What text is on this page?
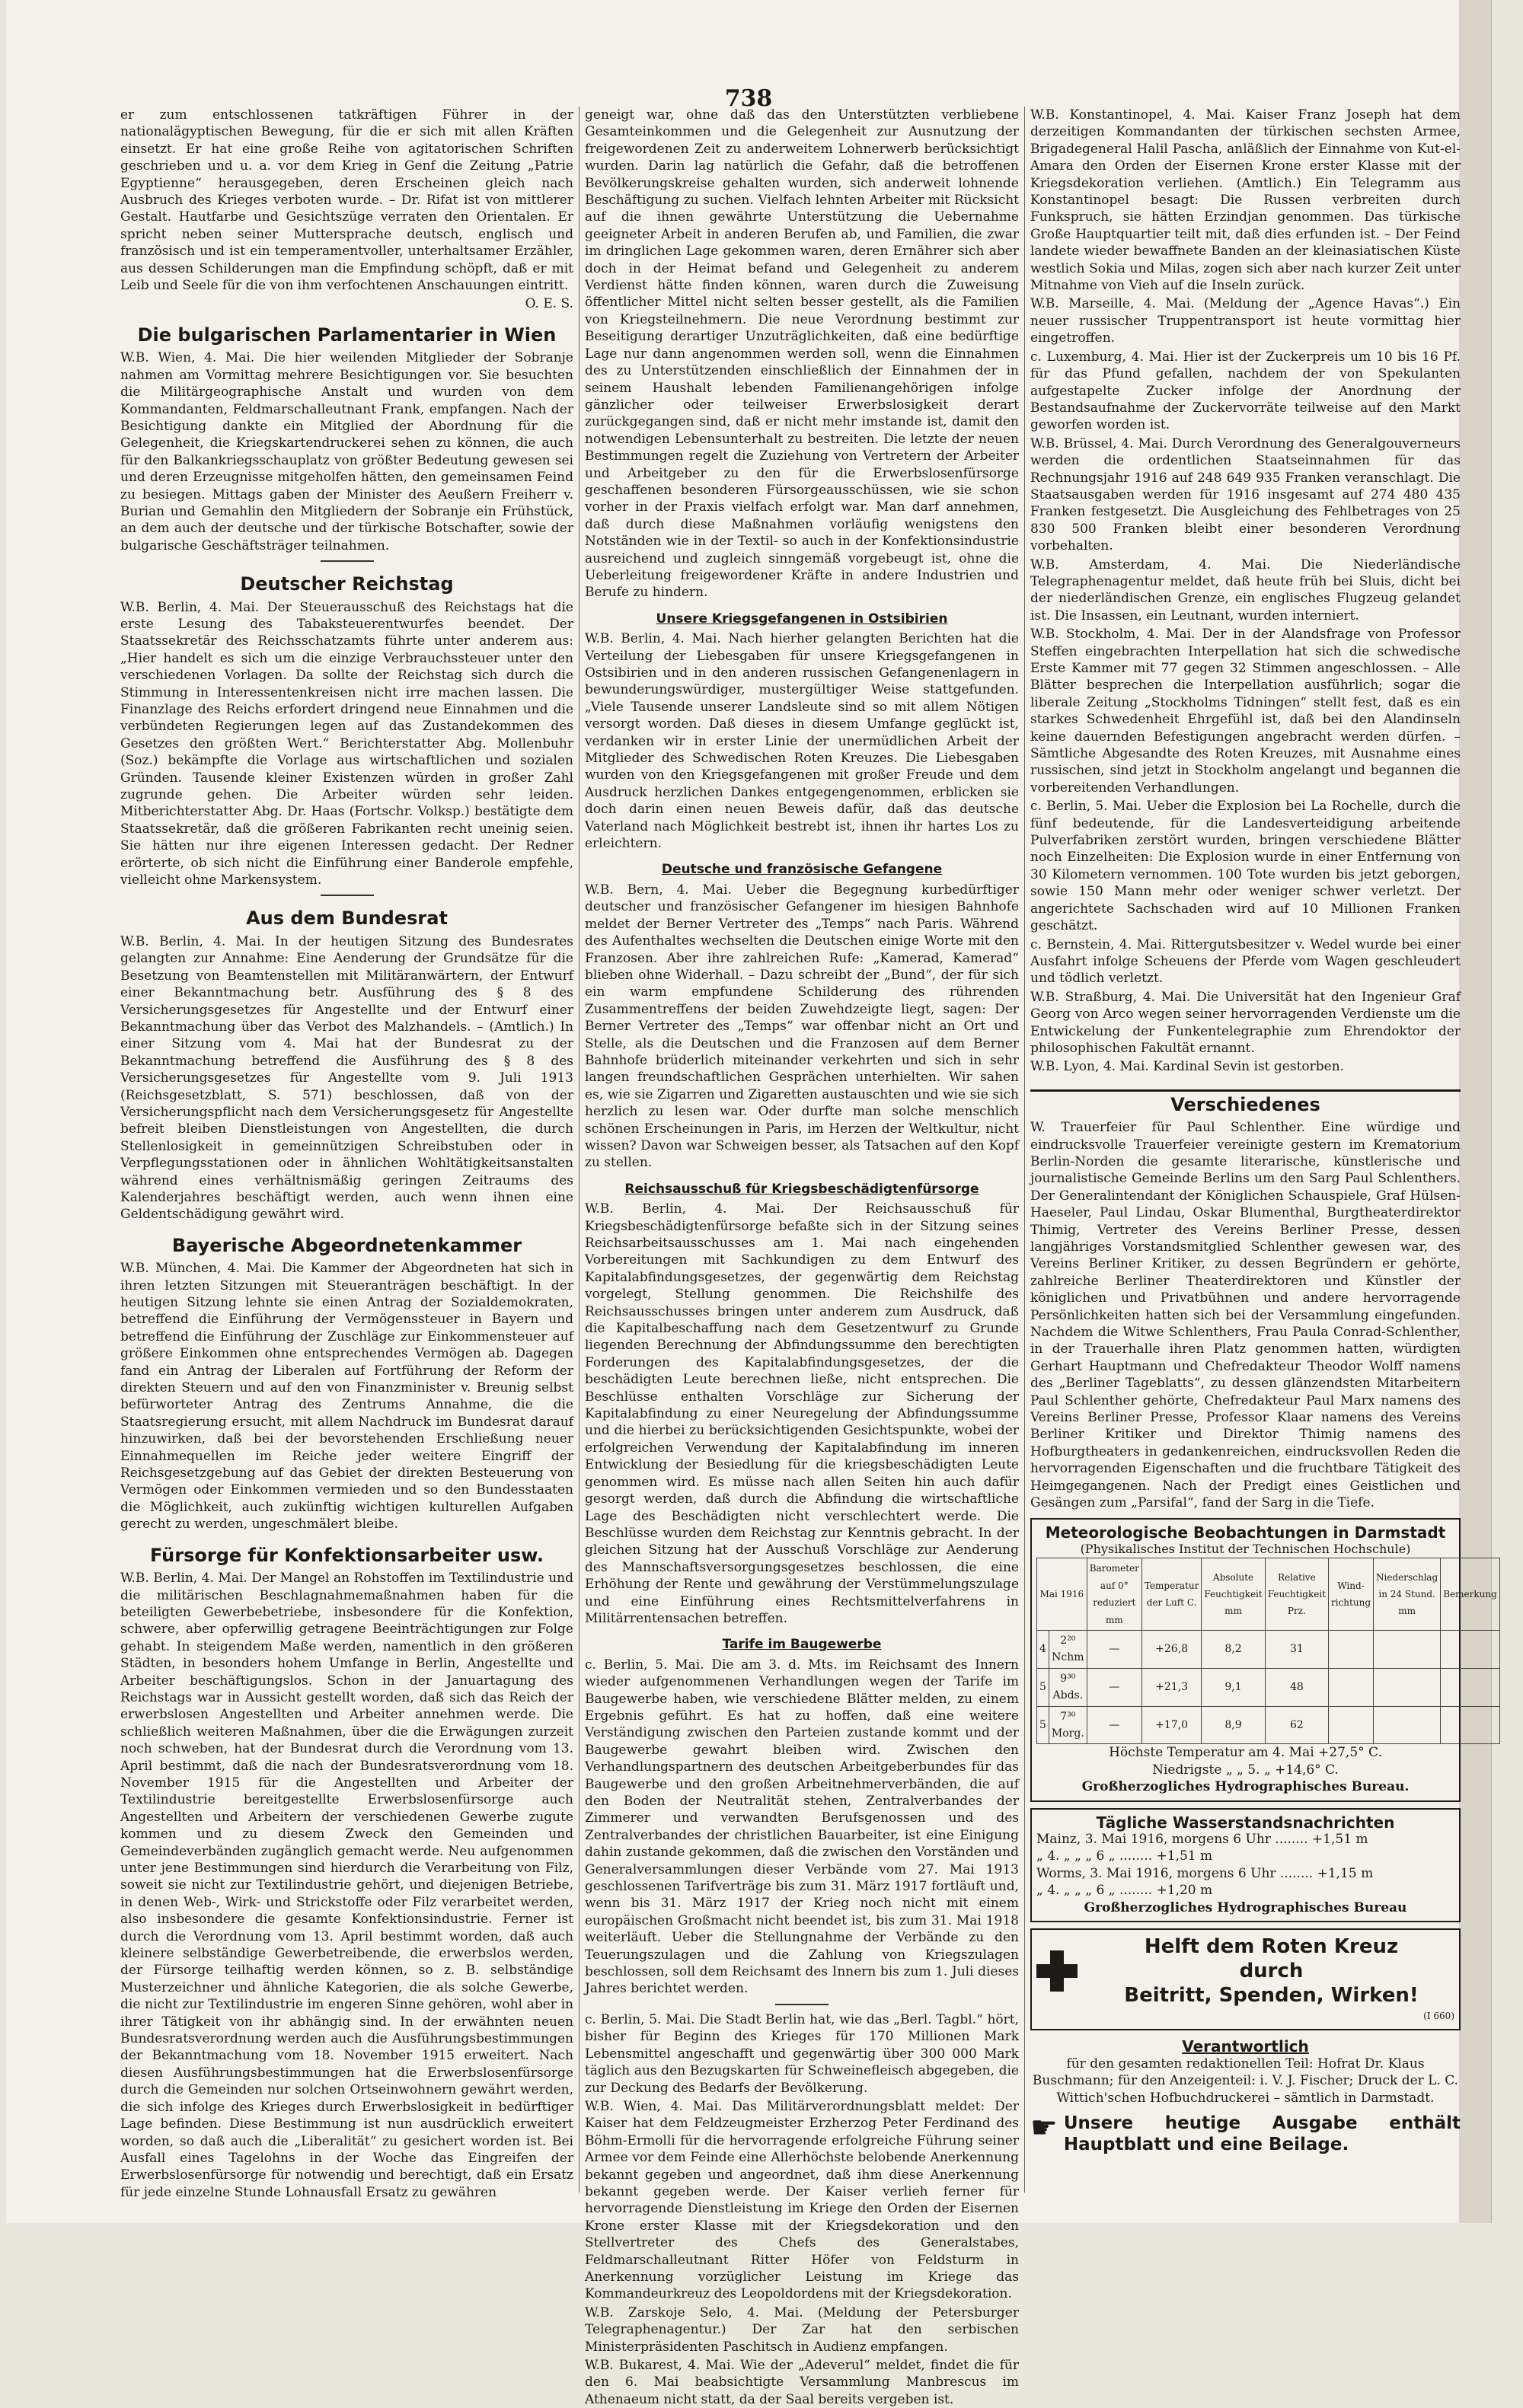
738

er zum entschlossenen tatkräftigen Führer in der nationalägyptischen Bewegung, für die er sich mit allen Kräften einsetzt. Er hat eine große Reihe von agitatorischen Schriften geschrieben und u. a. vor dem Krieg in Genf die Zeitung „Patrie Egyptienne“ herausgegeben, deren Erscheinen gleich nach Ausbruch des Krieges verboten wurde. – Dr. Rifat ist von mittlerer Gestalt. Hautfarbe und Gesichtszüge verraten den Orientalen. Er spricht neben seiner Muttersprache deutsch, englisch und französisch und ist ein temperamentvoller, unterhaltsamer Erzähler, aus dessen Schilderungen man die Empfindung schöpft, daß er mit Leib und Seele für die von ihm verfochtenen Anschauungen eintritt.

O. E. S.

Die bulgarischen Parlamentarier in Wien

W.B. Wien, 4. Mai. Die hier weilenden Mitglieder der Sobranje nahmen am Vormittag mehrere Besichtigungen vor. Sie besuchten die Militärgeographische Anstalt und wurden von dem Kommandanten, Feldmarschalleutnant Frank, empfangen. Nach der Besichtigung dankte ein Mitglied der Abordnung für die Gelegenheit, die Kriegskartendruckerei sehen zu können, die auch für den Balkankriegsschauplatz von größter Bedeutung gewesen sei und deren Erzeugnisse mitgeholfen hätten, den gemeinsamen Feind zu besiegen. Mittags gaben der Minister des Aeußern Freiherr v. Burian und Gemahlin den Mitgliedern der Sobranje ein Frühstück, an dem auch der deutsche und der türkische Botschafter, sowie der bulgarische Geschäftsträger teilnahmen.

Deutscher Reichstag

W.B. Berlin, 4. Mai. Der Steuerausschuß des Reichstags hat die erste Lesung des Tabaksteuerentwurfes beendet. Der Staatssekretär des Reichsschatzamts führte unter anderem aus: „Hier handelt es sich um die einzige Verbrauchssteuer unter den verschiedenen Vorlagen. Da sollte der Reichstag sich durch die Stimmung in Interessentenkreisen nicht irre machen lassen. Die Finanzlage des Reichs erfordert dringend neue Einnahmen und die verbündeten Regierungen legen auf das Zustandekommen des Gesetzes den größten Wert.“ Berichterstatter Abg. Mollenbuhr (Soz.) bekämpfte die Vorlage aus wirtschaftlichen und sozialen Gründen. Tausende kleiner Existenzen würden in großer Zahl zugrunde gehen. Die Arbeiter würden sehr leiden. Mitberichterstatter Abg. Dr. Haas (Fortschr. Volksp.) bestätigte dem Staatssekretär, daß die größeren Fabrikanten recht uneinig seien. Sie hätten nur ihre eigenen Interessen gedacht. Der Redner erörterte, ob sich nicht die Einführung einer Banderole empfehle, vielleicht ohne Markensystem.

Aus dem Bundesrat

W.B. Berlin, 4. Mai. In der heutigen Sitzung des Bundesrates gelangten zur Annahme: Eine Aenderung der Grundsätze für die Besetzung von Beamtenstellen mit Militäranwärtern, der Entwurf einer Bekanntmachung betr. Ausführung des § 8 des Versicherungsgesetzes für Angestellte und der Entwurf einer Bekanntmachung über das Verbot des Malzhandels. – (Amtlich.) In einer Sitzung vom 4. Mai hat der Bundesrat zu der Bekanntmachung betreffend die Ausführung des § 8 des Versicherungsgesetzes für Angestellte vom 9. Juli 1913 (Reichsgesetzblatt, S. 571) beschlossen, daß von der Versicherungspflicht nach dem Versicherungsgesetz für Angestellte befreit bleiben Dienstleistungen von Angestellten, die durch Stellenlosigkeit in gemeinnützigen Schreibstuben oder in Verpflegungsstationen oder in ähnlichen Wohltätigkeitsanstalten während eines verhältnismäßig geringen Zeitraums des Kalenderjahres beschäftigt werden, auch wenn ihnen eine Geldentschädigung gewährt wird.

Bayerische Abgeordnetenkammer

W.B. München, 4. Mai. Die Kammer der Abgeordneten hat sich in ihren letzten Sitzungen mit Steueranträgen beschäftigt. In der heutigen Sitzung lehnte sie einen Antrag der Sozialdemokraten, betreffend die Einführung der Vermögenssteuer in Bayern und betreffend die Einführung der Zuschläge zur Einkommensteuer auf größere Einkommen ohne entsprechendes Vermögen ab. Dagegen fand ein Antrag der Liberalen auf Fortführung der Reform der direkten Steuern und auf den von Finanzminister v. Breunig selbst befürworteter Antrag des Zentrums Annahme, die die Staatsregierung ersucht, mit allem Nachdruck im Bundesrat darauf hinzuwirken, daß bei der bevorstehenden Erschließung neuer Einnahmequellen im Reiche jeder weitere Eingriff der Reichsgesetzgebung auf das Gebiet der direkten Besteuerung von Vermögen oder Einkommen vermieden und so den Bundesstaaten die Möglichkeit, auch zukünftig wichtigen kulturellen Aufgaben gerecht zu werden, ungeschmälert bleibe.

Fürsorge für Konfektionsarbeiter usw.

W.B. Berlin, 4. Mai. Der Mangel an Rohstoffen im Textilindustrie und die militärischen Beschlagnahmemaßnahmen haben für die beteiligten Gewerbebetriebe, insbesondere für die Konfektion, schwere, aber opferwillig getragene Beeinträchtigungen zur Folge gehabt. In steigendem Maße werden, namentlich in den größeren Städten, in besonders hohem Umfange in Berlin, Angestellte und Arbeiter beschäftigungslos. Schon in der Januartagung des Reichstags war in Aussicht gestellt worden, daß sich das Reich der erwerbslosen Angestellten und Arbeiter annehmen werde. Die schließlich weiteren Maßnahmen, über die die Erwägungen zurzeit noch schweben, hat der Bundesrat durch die Verordnung vom 13. April bestimmt, daß die nach der Bundesratsverordnung vom 18. November 1915 für die Angestellten und Arbeiter der Textilindustrie bereitgestellte Erwerbslosenfürsorge auch Angestellten und Arbeitern der verschiedenen Gewerbe zugute kommen und zu diesem Zweck den Gemeinden und Gemeindeverbänden zugänglich gemacht werde. Neu aufgenommen unter jene Bestimmungen sind hierdurch die Verarbeitung von Filz, soweit sie nicht zur Textilindustrie gehört, und diejenigen Betriebe, in denen Web-, Wirk- und Strickstoffe oder Filz verarbeitet werden, also insbesondere die gesamte Konfektionsindustrie. Ferner ist durch die Verordnung vom 13. April bestimmt worden, daß auch kleinere selbständige Gewerbetreibende, die erwerbslos werden, der Fürsorge teilhaftig werden können, so z. B. selbständige Musterzeichner und ähnliche Kategorien, die als solche Gewerbe, die nicht zur Textilindustrie im engeren Sinne gehören, wohl aber in ihrer Tätigkeit von ihr abhängig sind. In der erwähnten neuen Bundesratsverordnung werden auch die Ausführungsbestimmungen der Bekanntmachung vom 18. November 1915 erweitert. Nach diesen Ausführungsbestimmungen hat die Erwerbslosenfürsorge durch die Gemeinden nur solchen Ortseinwohnern gewährt werden, die sich infolge des Krieges durch Erwerbslosigkeit in bedürftiger Lage befinden. Diese Bestimmung ist nun ausdrücklich erweitert worden, so daß auch die „Liberalität“ zu gesichert worden ist. Bei Ausfall eines Tagelohns in der Woche das Eingreifen der Erwerbslosenfürsorge für notwendig und berechtigt, daß ein Ersatz für jede einzelne Stunde Lohnausfall Ersatz zu gewähren

geneigt war, ohne daß das den Unterstützten verbliebene Gesamteinkommen und die Gelegenheit zur Ausnutzung der freigewordenen Zeit zu anderweitem Lohnerwerb berücksichtigt wurden. Darin lag natürlich die Gefahr, daß die betroffenen Bevölkerungskreise gehalten wurden, sich anderweit lohnende Beschäftigung zu suchen. Vielfach lehnten Arbeiter mit Rücksicht auf die ihnen gewährte Unterstützung die Uebernahme geeigneter Arbeit in anderen Berufen ab, und Familien, die zwar im dringlichen Lage gekommen waren, deren Ernährer sich aber doch in der Heimat befand und Gelegenheit zu anderem Verdienst hätte finden können, waren durch die Zuweisung öffentlicher Mittel nicht selten besser gestellt, als die Familien von Kriegsteilnehmern. Die neue Verordnung bestimmt zur Beseitigung derartiger Unzuträglichkeiten, daß eine bedürftige Lage nur dann angenommen werden soll, wenn die Einnahmen des zu Unterstützenden einschließlich der Einnahmen der in seinem Haushalt lebenden Familienangehörigen infolge gänzlicher oder teilweiser Erwerbslosigkeit derart zurückgegangen sind, daß er nicht mehr imstande ist, damit den notwendigen Lebensunterhalt zu bestreiten. Die letzte der neuen Bestimmungen regelt die Zuziehung von Vertretern der Arbeiter und Arbeitgeber zu den für die Erwerbslosenfürsorge geschaffenen besonderen Fürsorgeausschüssen, wie sie schon vorher in der Praxis vielfach erfolgt war. Man darf annehmen, daß durch diese Maßnahmen vorläufig wenigstens den Notständen wie in der Textil- so auch in der Konfektionsindustrie ausreichend und zugleich sinngemäß vorgebeugt ist, ohne die Ueberleitung freigewordener Kräfte in andere Industrien und Berufe zu hindern.

Unsere Kriegsgefangenen in Ostsibirien

W.B. Berlin, 4. Mai. Nach hierher gelangten Berichten hat die Verteilung der Liebesgaben für unsere Kriegsgefangenen in Ostsibirien und in den anderen russischen Gefangenenlagern in bewunderungswürdiger, mustergültiger Weise stattgefunden. „Viele Tausende unserer Landsleute sind so mit allem Nötigen versorgt worden. Daß dieses in diesem Umfange geglückt ist, verdanken wir in erster Linie der unermüdlichen Arbeit der Mitglieder des Schwedischen Roten Kreuzes. Die Liebesgaben wurden von den Kriegsgefangenen mit großer Freude und dem Ausdruck herzlichen Dankes entgegengenommen, erblicken sie doch darin einen neuen Beweis dafür, daß das deutsche Vaterland nach Möglichkeit bestrebt ist, ihnen ihr hartes Los zu erleichtern.

Deutsche und französische Gefangene

W.B. Bern, 4. Mai. Ueber die Begegnung kurbedürftiger deutscher und französischer Gefangener im hiesigen Bahnhofe meldet der Berner Vertreter des „Temps“ nach Paris. Während des Aufenthaltes wechselten die Deutschen einige Worte mit den Franzosen. Aber ihre zahlreichen Rufe: „Kamerad, Kamerad“ blieben ohne Widerhall. – Dazu schreibt der „Bund“, der für sich ein warm empfundene Schilderung des rührenden Zusammentreffens der beiden Zuwehdzeigte liegt, sagen: Der Berner Vertreter des „Temps“ war offenbar nicht an Ort und Stelle, als die Deutschen und die Franzosen auf dem Berner Bahnhofe brüderlich miteinander verkehrten und sich in sehr langen freundschaftlichen Gesprächen unterhielten. Wir sahen es, wie sie Zigarren und Zigaretten austauschten und wie sie sich herzlich zu lesen war. Oder durfte man solche menschlich schönen Erscheinungen in Paris, im Herzen der Weltkultur, nicht wissen? Davon war Schweigen besser, als Tatsachen auf den Kopf zu stellen.

Reichsausschuß für Kriegsbeschädigtenfürsorge

W.B. Berlin, 4. Mai. Der Reichsausschuß für Kriegsbeschädigtenfürsorge befaßte sich in der Sitzung seines Reichsarbeitsausschusses am 1. Mai nach eingehenden Vorbereitungen mit Sachkundigen zu dem Entwurf des Kapitalabfindungsgesetzes, der gegenwärtig dem Reichstag vorgelegt, Stellung genommen. Die Reichshilfe des Reichsausschusses bringen unter anderem zum Ausdruck, daß die Kapitalbeschaffung nach dem Gesetzentwurf zu Grunde liegenden Berechnung der Abfindungssumme den berechtigten Forderungen des Kapitalabfindungsgesetzes, der die beschädigten Leute berechnen ließe, nicht entsprechen. Die Beschlüsse enthalten Vorschläge zur Sicherung der Kapitalabfindung zu einer Neuregelung der Abfindungssumme und die hierbei zu berücksichtigenden Gesichtspunkte, wobei der erfolgreichen Verwendung der Kapitalabfindung im inneren Entwicklung der Besiedlung für die kriegsbeschädigten Leute genommen wird. Es müsse nach allen Seiten hin auch dafür gesorgt werden, daß durch die Abfindung die wirtschaftliche Lage des Beschädigten nicht verschlechtert werde. Die Beschlüsse wurden dem Reichstag zur Kenntnis gebracht. In der gleichen Sitzung hat der Ausschuß Vorschläge zur Aenderung des Mannschaftsversorgungsgesetzes beschlossen, die eine Erhöhung der Rente und gewährung der Verstümmelungszulage und eine Einführung eines Rechtsmittelverfahrens in Militärrentensachen betreffen.

Tarife im Baugewerbe

c. Berlin, 5. Mai. Die am 3. d. Mts. im Reichsamt des Innern wieder aufgenommenen Verhandlungen wegen der Tarife im Baugewerbe haben, wie verschiedene Blätter melden, zu einem Ergebnis geführt. Es hat zu hoffen, daß eine weitere Verständigung zwischen den Parteien zustande kommt und der Baugewerbe gewahrt bleiben wird. Zwischen den Verhandlungspartnern des deutschen Arbeitgeberbundes für das Baugewerbe und den großen Arbeitnehmerverbänden, die auf den Boden der Neutralität stehen, Zentralverbandes der Zimmerer und verwandten Berufsgenossen und des Zentralverbandes der christlichen Bauarbeiter, ist eine Einigung dahin zustande gekommen, daß die zwischen den Vorständen und Generalversammlungen dieser Verbände vom 27. Mai 1913 geschlossenen Tarifverträge bis zum 31. März 1917 fortläuft und, wenn bis 31. März 1917 der Krieg noch nicht mit einem europäischen Großmacht nicht beendet ist, bis zum 31. Mai 1918 weiterläuft. Ueber die Stellungnahme der Verbände zu den Teuerungszulagen und die Zahlung von Kriegszulagen beschlossen, soll dem Reichsamt des Innern bis zum 1. Juli dieses Jahres berichtet werden.

c. Berlin, 5. Mai. Die Stadt Berlin hat, wie das „Berl. Tagbl.“ hört, bisher für Beginn des Krieges für 170 Millionen Mark Lebensmittel angeschafft und gegenwärtig über 300 000 Mark täglich aus den Bezugskarten für Schweinefleisch abgegeben, die zur Deckung des Bedarfs der Bevölkerung.

W.B. Wien, 4. Mai. Das Militärverordnungsblatt meldet: Der Kaiser hat dem Feldzeugmeister Erzherzog Peter Ferdinand des Böhm-Ermolli für die hervorragende erfolgreiche Führung seiner Armee vor dem Feinde eine Allerhöchste belobende Anerkennung bekannt gegeben und angeordnet, daß ihm diese Anerkennung bekannt gegeben werde. Der Kaiser verlieh ferner für hervorragende Dienstleistung im Kriege den Orden der Eisernen Krone erster Klasse mit der Kriegsdekoration und den Stellvertreter des Chefs des Generalstabes, Feldmarschalleutnant Ritter Höfer von Feldsturm in Anerkennung vorzüglicher Leistung im Kriege das Kommandeurkreuz des Leopoldordens mit der Kriegsdekoration.

W.B. Zarskoje Selo, 4. Mai. (Meldung der Petersburger Telegraphenagentur.) Der Zar hat den serbischen Ministerpräsidenten Paschitsch in Audienz empfangen.

W.B. Bukarest, 4. Mai. Wie der „Adeverul“ meldet, findet die für den 6. Mai beabsichtigte Versammlung Manbrescus im Athenaeum nicht statt, da der Saal bereits vergeben ist.

W.B. Konstantinopel, 4. Mai. Kaiser Franz Joseph hat dem derzeitigen Kommandanten der türkischen sechsten Armee, Brigadegeneral Halil Pascha, anläßlich der Einnahme von Kut-el-Amara den Orden der Eisernen Krone erster Klasse mit der Kriegsdekoration verliehen. (Amtlich.) Ein Telegramm aus Konstantinopel besagt: Die Russen verbreiten durch Funkspruch, sie hätten Erzindjan genommen. Das türkische Große Hauptquartier teilt mit, daß dies erfunden ist. – Der Feind landete wieder bewaffnete Banden an der kleinasiatischen Küste westlich Sokia und Milas, zogen sich aber nach kurzer Zeit unter Mitnahme von Vieh auf die Inseln zurück.

W.B. Marseille, 4. Mai. (Meldung der „Agence Havas“.) Ein neuer russischer Truppentransport ist heute vormittag hier eingetroffen.

c. Luxemburg, 4. Mai. Hier ist der Zuckerpreis um 10 bis 16 Pf. für das Pfund gefallen, nachdem der von Spekulanten aufgestapelte Zucker infolge der Anordnung der Bestandsaufnahme der Zuckervorräte teilweise auf den Markt geworfen worden ist.

W.B. Brüssel, 4. Mai. Durch Verordnung des Generalgouverneurs werden die ordentlichen Staatseinnahmen für das Rechnungsjahr 1916 auf 248 649 935 Franken veranschlagt. Die Staatsausgaben werden für 1916 insgesamt auf 274 480 435 Franken festgesetzt. Die Ausgleichung des Fehlbetrages von 25 830 500 Franken bleibt einer besonderen Verordnung vorbehalten.

W.B. Amsterdam, 4. Mai. Die Niederländische Telegraphenagentur meldet, daß heute früh bei Sluis, dicht bei der niederländischen Grenze, ein englisches Flugzeug gelandet ist. Die Insassen, ein Leutnant, wurden interniert.

W.B. Stockholm, 4. Mai. Der in der Alandsfrage von Professor Steffen eingebrachten Interpellation hat sich die schwedische Erste Kammer mit 77 gegen 32 Stimmen angeschlossen. – Alle Blätter besprechen die Interpellation ausführlich; sogar die liberale Zeitung „Stockholms Tidningen“ stellt fest, daß es ein starkes Schwedenheit Ehrgefühl ist, daß bei den Alandinseln keine dauernden Befestigungen angebracht werden dürfen. – Sämtliche Abgesandte des Roten Kreuzes, mit Ausnahme eines russischen, sind jetzt in Stockholm angelangt und begannen die vorbereitenden Verhandlungen.

c. Berlin, 5. Mai. Ueber die Explosion bei La Rochelle, durch die fünf bedeutende, für die Landesverteidigung arbeitende Pulverfabriken zerstört wurden, bringen verschiedene Blätter noch Einzelheiten: Die Explosion wurde in einer Entfernung von 30 Kilometern vernommen. 100 Tote wurden bis jetzt geborgen, sowie 150 Mann mehr oder weniger schwer verletzt. Der angerichtete Sachschaden wird auf 10 Millionen Franken geschätzt.

c. Bernstein, 4. Mai. Rittergutsbesitzer v. Wedel wurde bei einer Ausfahrt infolge Scheuens der Pferde vom Wagen geschleudert und tödlich verletzt.

W.B. Straßburg, 4. Mai. Die Universität hat den Ingenieur Graf Georg von Arco wegen seiner hervorragenden Verdienste um die Entwickelung der Funkentelegraphie zum Ehrendoktor der philosophischen Fakultät ernannt.

W.B. Lyon, 4. Mai. Kardinal Sevin ist gestorben.

Verschiedenes

W. Trauerfeier für Paul Schlenther. Eine würdige und eindrucksvolle Trauerfeier vereinigte gestern im Krematorium Berlin-Norden die gesamte literarische, künstlerische und journalistische Gemeinde Berlins um den Sarg Paul Schlenthers. Der Generalintendant der Königlichen Schauspiele, Graf Hülsen-Haeseler, Paul Lindau, Oskar Blumenthal, Burgtheaterdirektor Thimig, Vertreter des Vereins Berliner Presse, dessen langjähriges Vorstandsmitglied Schlenther gewesen war, des Vereins Berliner Kritiker, zu dessen Begründern er gehörte, zahlreiche Berliner Theaterdirektoren und Künstler der königlichen und Privatbühnen und andere hervorragende Persönlichkeiten hatten sich bei der Versammlung eingefunden. Nachdem die Witwe Schlenthers, Frau Paula Conrad-Schlenther, in der Trauerhalle ihren Platz genommen hatten, würdigten Gerhart Hauptmann und Chefredakteur Theodor Wolff namens des „Berliner Tageblatts“, zu dessen glänzendsten Mitarbeitern Paul Schlenther gehörte, Chefredakteur Paul Marx namens des Vereins Berliner Presse, Professor Klaar namens des Vereins Berliner Kritiker und Direktor Thimig namens des Hofburgtheaters in gedankenreichen, eindrucksvollen Reden die hervorragenden Eigenschaften und die fruchtbare Tätigkeit des Heimgegangenen. Nach der Predigt eines Geistlichen und Gesängen zum „Parsifal“, fand der Sarg in die Tiefe.

Meteorologische Beobachtungen in Darmstadt
(Physikalisches Institut der Technischen Hochschule)
Mai 1916		Barometer auf 0° reduziert mm	Temperatur der Luft C.	Absolute Feuchtigkeit mm	Relative Feuchtigkeit Prz.	Wind-richtung	Niederschlag in 24 Stund. mm	Bemerkung
4	2²⁰ Nchm	—	+26,8	8,2	31			
5	9³⁰ Abds.	—	+21,3	9,1	48			
5	7³⁰ Morg.	—	+17,0	8,9	62			
Höchste Temperatur am 4. Mai +27,5° C.
Niedrigste „ „ 5. „ +14,6° C.
Großherzogliches Hydrographisches Bureau.
Tägliche Wasserstandsnachrichten
Mainz, 3. Mai 1916, morgens 6 Uhr ........ +1,51 m
„ 4. „ „ „ 6 „ ........ +1,51 m
Worms, 3. Mai 1916, morgens 6 Uhr ........ +1,15 m
„ 4. „ „ „ 6 „ ........ +1,20 m
Großherzogliches Hydrographisches Bureau
Helft dem Roten Kreuz
durch
Beitritt, Spenden, Wirken!
(I 660)
Verantwortlich

für den gesamten redaktionellen Teil: Hofrat Dr. Klaus Buschmann; für den Anzeigenteil: i. V. J. Fischer; Druck der L. C. Wittich'schen Hofbuchdruckerei – sämtlich in Darmstadt.

☛ Unsere heutige Ausgabe enthält Hauptblatt und eine Beilage.
